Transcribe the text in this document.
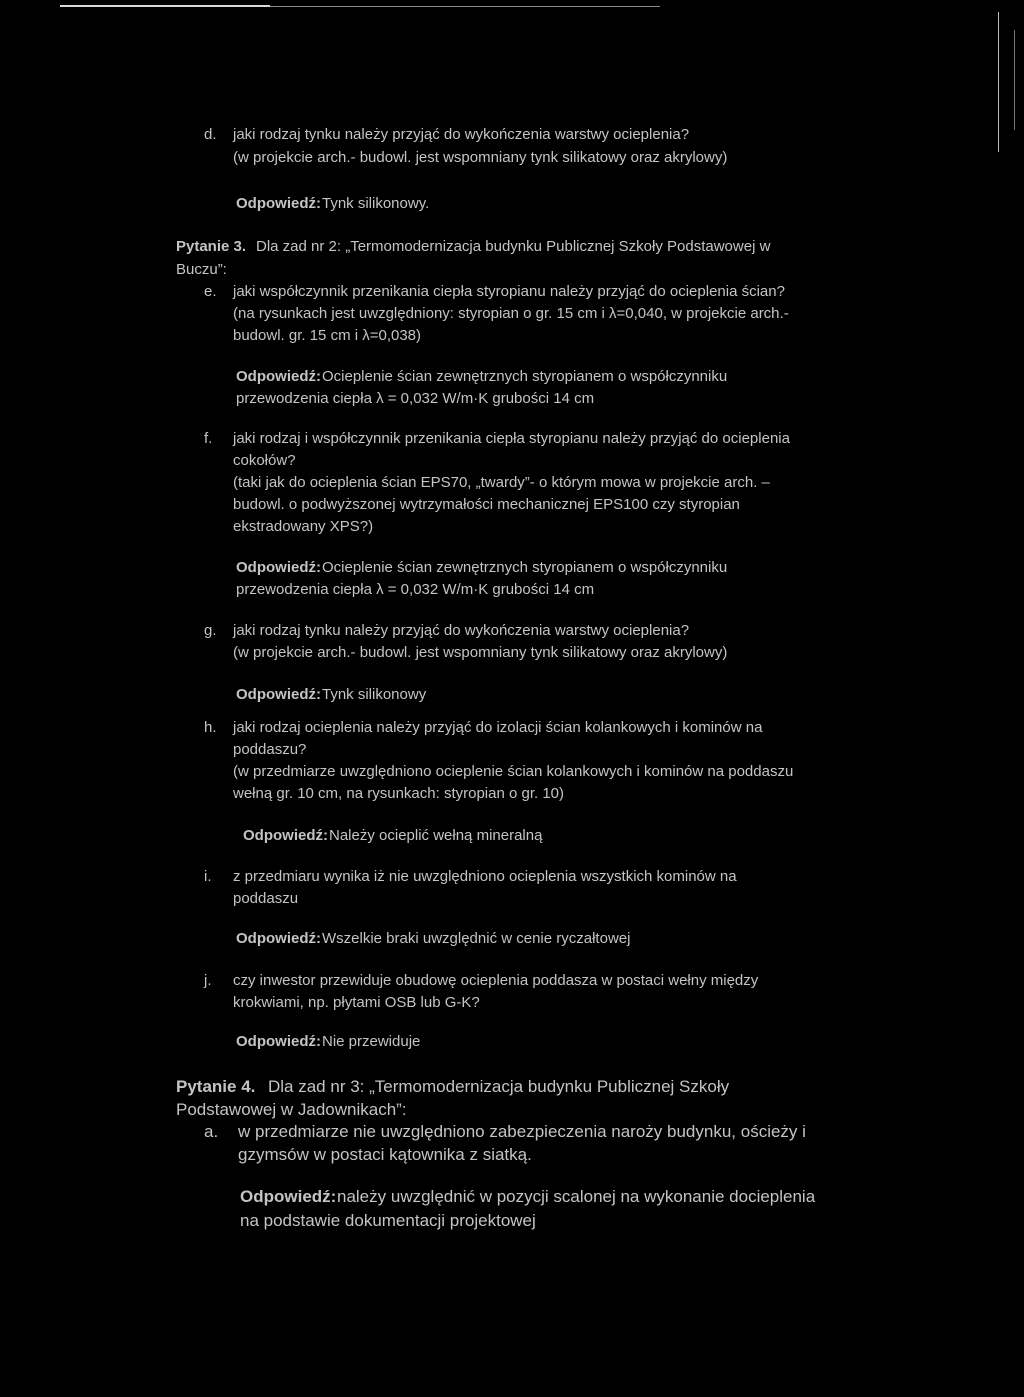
d. jaki rodzaj tynku należy przyjąć do wykończenia warstwy ocieplenia?
(w projekcie arch.- budowl. jest wspomniany tynk silikatowy oraz akrylowy)
Odpowiedź: Tynk silikonowy.
Pytanie 3. Dla zad nr 2: „Termomodernizacja budynku Publicznej Szkoły Podstawowej w
Buczu”:
e. jaki współczynnik przenikania ciepła styropianu należy przyjąć do ocieplenia ścian?
(na rysunkach jest uwzględniony: styropian o gr. 15 cm i λ=0,040, w projekcie arch.-
budowl. gr. 15 cm i λ=0,038)
Odpowiedź: Ocieplenie ścian zewnętrznych styropianem o współczynniku
przewodzenia ciepła λ = 0,032 W/m·K grubości 14 cm
f. jaki rodzaj i współczynnik przenikania ciepła styropianu należy przyjąć do ocieplenia
cokołów?
(taki jak do ocieplenia ścian EPS70, „twardy”- o którym mowa w projekcie arch. –
budowl. o podwyższonej wytrzymałości mechanicznej EPS100 czy styropian
ekstradowany XPS?)
Odpowiedź: Ocieplenie ścian zewnętrznych styropianem o współczynniku
przewodzenia ciepła λ = 0,032 W/m·K grubości 14 cm
g. jaki rodzaj tynku należy przyjąć do wykończenia warstwy ocieplenia?
(w projekcie arch.- budowl. jest wspomniany tynk silikatowy oraz akrylowy)
Odpowiedź: Tynk silikonowy
h. jaki rodzaj ocieplenia należy przyjąć do izolacji ścian kolankowych i kominów na
poddaszu?
(w przedmiarze uwzględniono ocieplenie ścian kolankowych i kominów na poddaszu
wełną gr. 10 cm, na rysunkach: styropian o gr. 10)
Odpowiedź: Należy ocieplić wełną mineralną
i. z przedmiaru wynika iż nie uwzględniono ocieplenia wszystkich kominów na
poddaszu
Odpowiedź: Wszelkie braki uwzględnić w cenie ryczałtowej
j. czy inwestor przewiduje obudowę ocieplenia poddasza w postaci wełny między
krokwiami, np. płytami OSB lub G-K?
Odpowiedź: Nie przewiduje
Pytanie 4. Dla zad nr 3: „Termomodernizacja budynku Publicznej Szkoły
Podstawowej w Jadownikach”:
a. w przedmiarze nie uwzględniono zabezpieczenia naroży budynku, ościeży i
gzymsów w postaci kątownika z siatką.
Odpowiedź: należy uwzględnić w pozycji scalonej na wykonanie docieplenia
na podstawie dokumentacji projektowej
